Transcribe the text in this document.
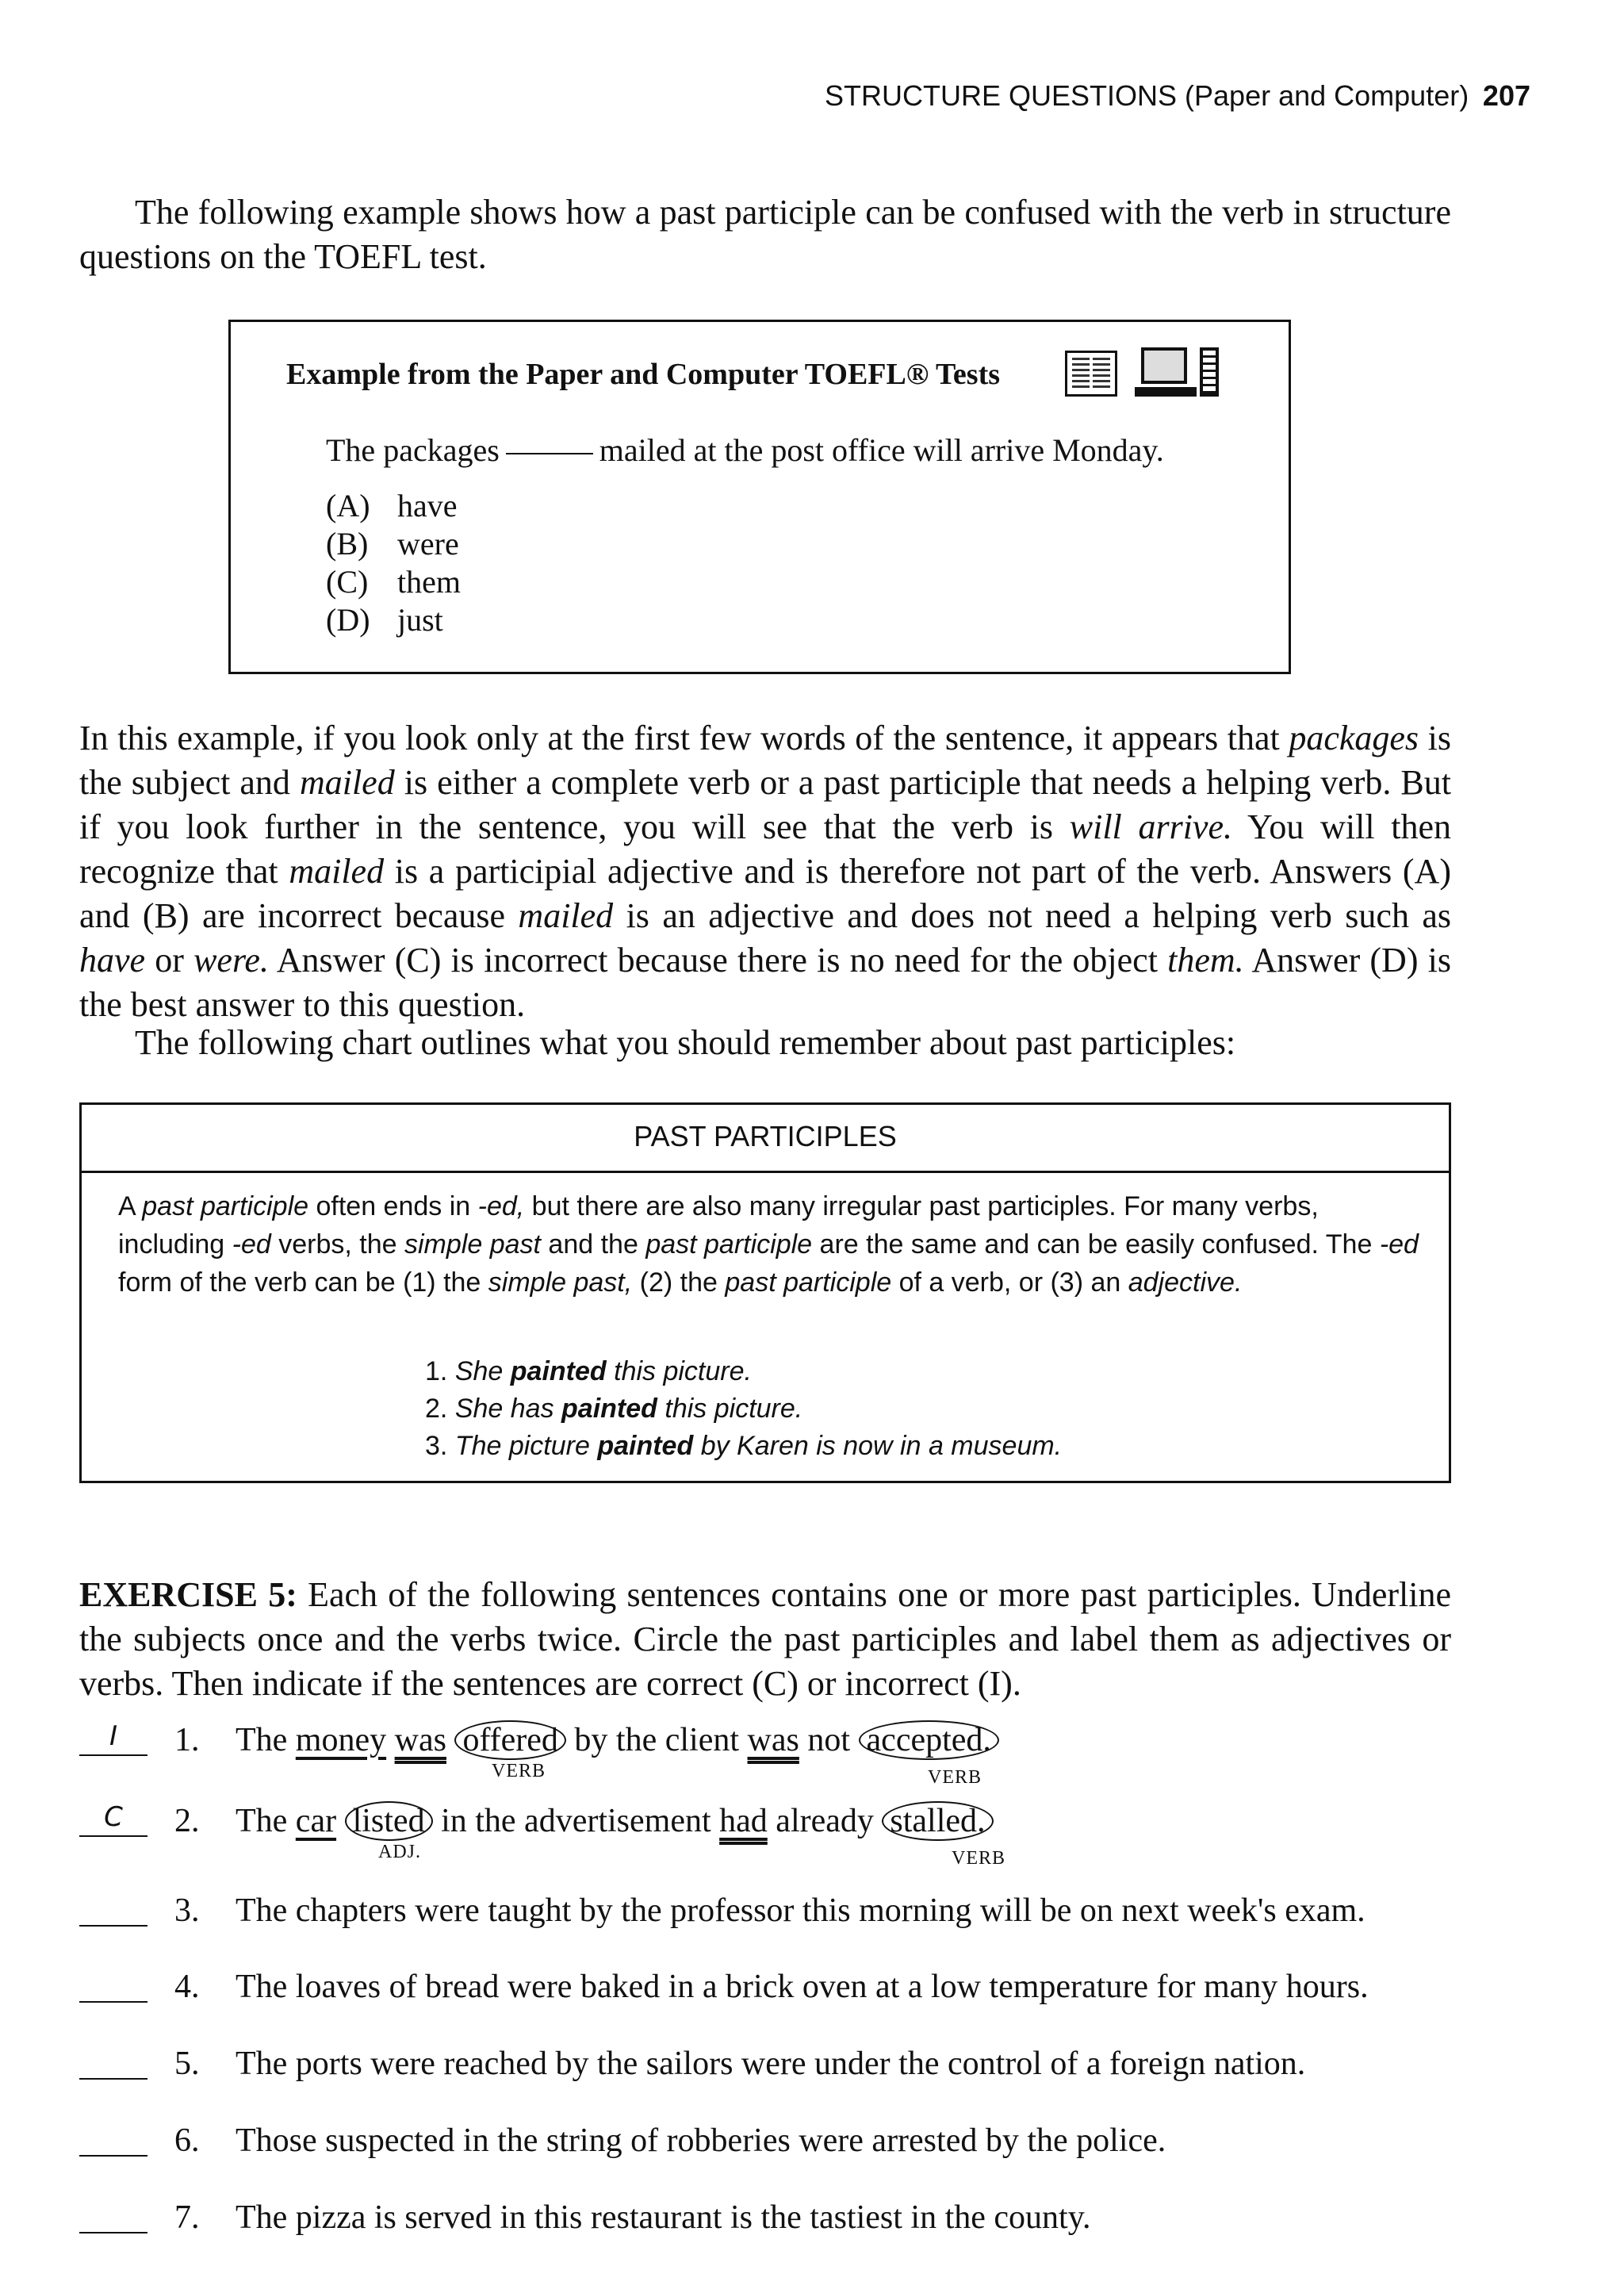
STRUCTURE QUESTIONS (Paper and Computer) 207

The following example shows how a past participle can be confused with the verb in structure questions on the TOEFL test.

Example from the Paper and Computer TOEFL® Tests
The packages	mailed at the post office will arrive Monday.
(A) have
(B) were
(C) them
(D) just

In this example, if you look only at the first few words of the sentence, it appears that packages is the subject and mailed is either a complete verb or a past participle that needs a helping verb. But if you look further in the sentence, you will see that the verb is will arrive. You will then recognize that mailed is a participial adjective and is therefore not part of the verb. Answers (A) and (B) are incorrect because mailed is an adjective and does not need a helping verb such as have or were. Answer (C) is incorrect because there is no need for the object them. Answer (D) is the best answer to this question.

The following chart outlines what you should remember about past participles:

PAST PARTICIPLES
A past participle often ends in -ed, but there are also many irregular past participles. For many verbs, including -ed verbs, the simple past and the past participle are the same and can be easily confused. The -ed form of the verb can be (1) the simple past, (2) the past participle of a verb, or (3) an adjective.
1. She painted this picture.
2. She has painted this picture.
3. The picture painted by Karen is now in a museum.

EXERCISE 5: Each of the following sentences contains one or more past participles. Underline the subjects once and the verbs twice. Circle the past participles and label them as adjectives or verbs. Then indicate if the sentences are correct (C) or incorrect (I).

I	1. The money was offered by the client was not accepted.
VERB	VERB
C	2. The car listed in the advertisement had already stalled.
ADJ.	VERB
3. The chapters were taught by the professor this morning will be on next week's exam.
4. The loaves of bread were baked in a brick oven at a low temperature for many hours.
5. The ports were reached by the sailors were under the control of a foreign nation.
6. Those suspected in the string of robberies were arrested by the police.
7. The pizza is served in this restaurant is the tastiest in the county.
